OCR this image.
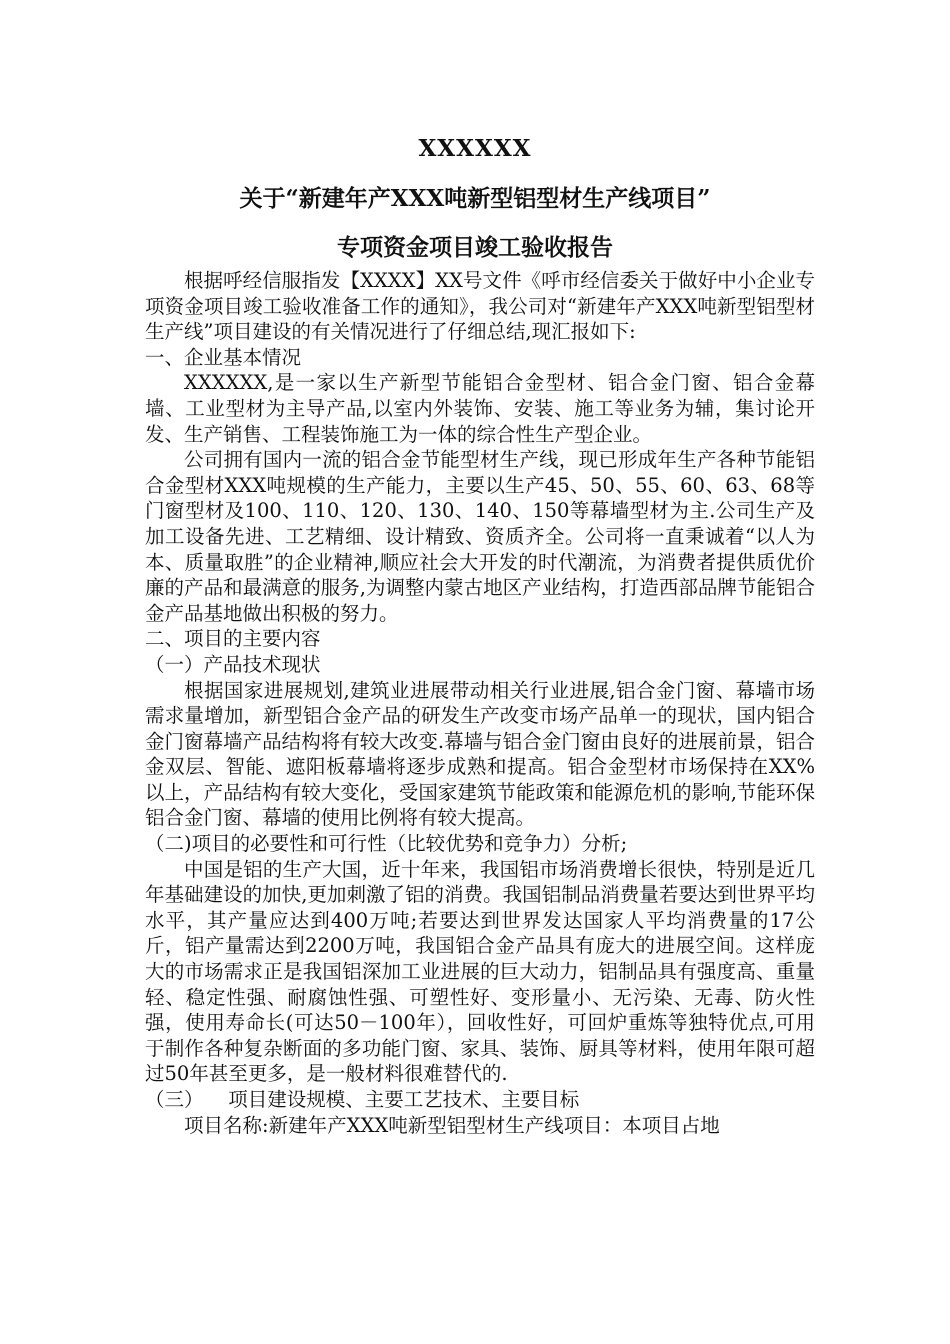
XXXXXX
关于“新建年产XXX吨新型铝型材生产线项目”
专项资金项目竣工验收报告

根据呼经信服指发【XXXX】XX号文件《呼市经信委关于做好中小企业专项资金项目竣工验收准备工作的通知》，我公司对“新建年产XXX吨新型铝型材生产线”项目建设的有关情况进行了仔细总结,现汇报如下:

一、企业基本情况

XXXXXX,是一家以生产新型节能铝合金型材、铝合金门窗、铝合金幕墙、工业型材为主导产品,以室内外装饰、安装、施工等业务为辅，集讨论开发、生产销售、工程装饰施工为一体的综合性生产型企业。

公司拥有国内一流的铝合金节能型材生产线，现已形成年生产各种节能铝合金型材XXX吨规模的生产能力，主要以生产45、50、55、60、63、68等门窗型材及100、110、120、130、140、150等幕墙型材为主.公司生产及加工设备先进、工艺精细、设计精致、资质齐全。公司将一直秉诚着“以人为本、质量取胜”的企业精神,顺应社会大开发的时代潮流，为消费者提供质优价廉的产品和最满意的服务,为调整内蒙古地区产业结构，打造西部品牌节能铝合金产品基地做出积极的努力。

二、项目的主要内容

（一）产品技术现状

根据国家进展规划,建筑业进展带动相关行业进展,铝合金门窗、幕墙市场需求量增加，新型铝合金产品的研发生产改变市场产品单一的现状，国内铝合金门窗幕墙产品结构将有较大改变.幕墙与铝合金门窗由良好的进展前景，铝合金双层、智能、遮阳板幕墙将逐步成熟和提高。铝合金型材市场保持在XX%以上，产品结构有较大变化，受国家建筑节能政策和能源危机的影响,节能环保铝合金门窗、幕墙的使用比例将有较大提高。

（二)项目的必要性和可行性（比较优势和竞争力）分析;

中国是铝的生产大国，近十年来，我国铝市场消费增长很快，特别是近几年基础建设的加快,更加刺激了铝的消费。我国铝制品消费量若要达到世界平均水平，其产量应达到400万吨;若要达到世界发达国家人平均消费量的17公斤，铝产量需达到2200万吨，我国铝合金产品具有庞大的进展空间。这样庞大的市场需求正是我国铝深加工业进展的巨大动力，铝制品具有强度高、重量轻、稳定性强、耐腐蚀性强、可塑性好、变形量小、无污染、无毒、防火性强，使用寿命长(可达50－100年），回收性好，可回炉重炼等独特优点,可用于制作各种复杂断面的多功能门窗、家具、装饰、厨具等材料，使用年限可超过50年甚至更多，是一般材料很难替代的.

（三）    项目建设规模、主要工艺技术、主要目标

项目名称:新建年产XXX吨新型铝型材生产线项目：本项目占地
